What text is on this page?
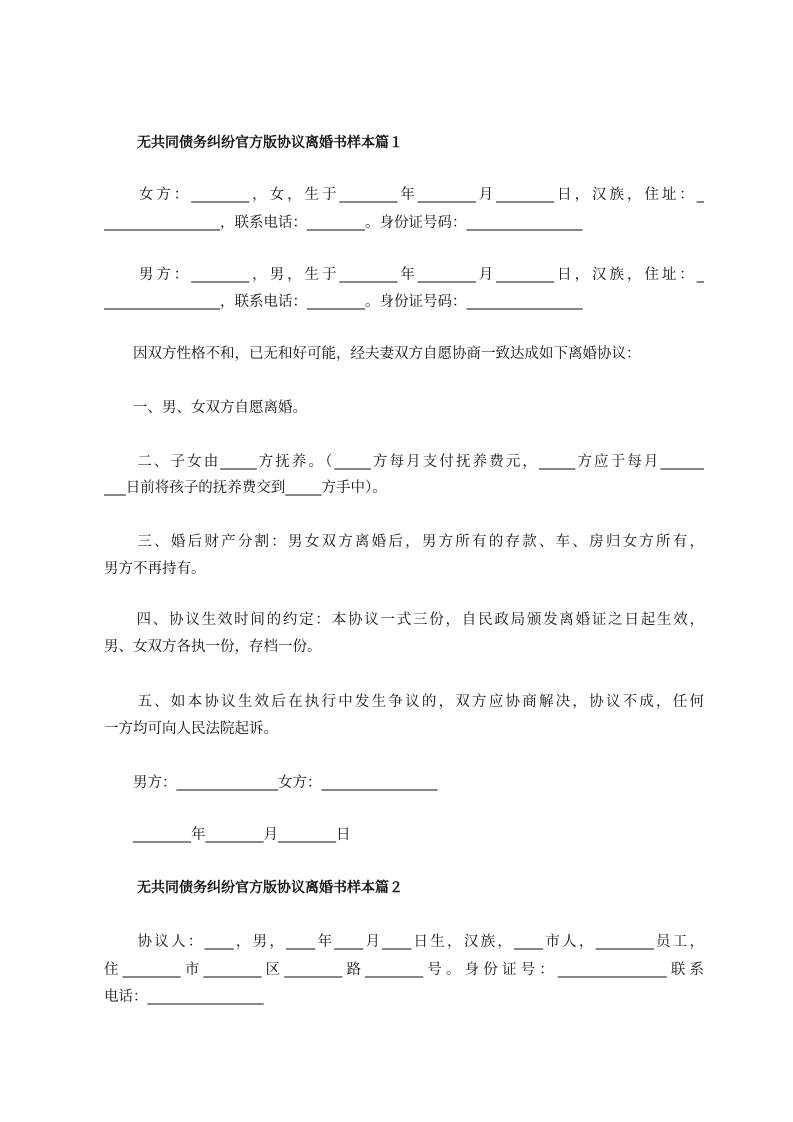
无共同债务纠纷官方版协议离婚书样本篇１
　　女方：________，女，生于________年________月________日，汉族，住址：_
________________，联系电话：________。身份证号码：________________
　　男方：________，男，生于________年________月________日，汉族，住址：_
________________，联系电话：________。身份证号码：________________
　　因双方性格不和，已无和好可能，经夫妻双方自愿协商一致达成如下离婚协议：
　　一、男、女双方自愿离婚。
　　二、子女由_____方抚养。（_____方每月支付抚养费元，_____方应于每月______
___日前将孩子的抚养费交到_____方手中）。
　　三、婚后财产分割：男女双方离婚后，男方所有的存款、车、房归女方所有，
男方不再持有。
　　四、协议生效时间的约定：本协议一式三份，自民政局颁发离婚证之日起生效，
男、女双方各执一份，存档一份。
　　五、如本协议生效后在执行中发生争议的，双方应协商解决，协议不成，任何
一方均可向人民法院起诉。
　　男方：______________女方：________________
　　________年________月________日
无共同债务纠纷官方版协议离婚书样本篇２
　　协议人：____，男，____年____月____日生，汉族，____市人，________员工，
住________市________区________路________号。身份证号：_______________联系
电话：________________
